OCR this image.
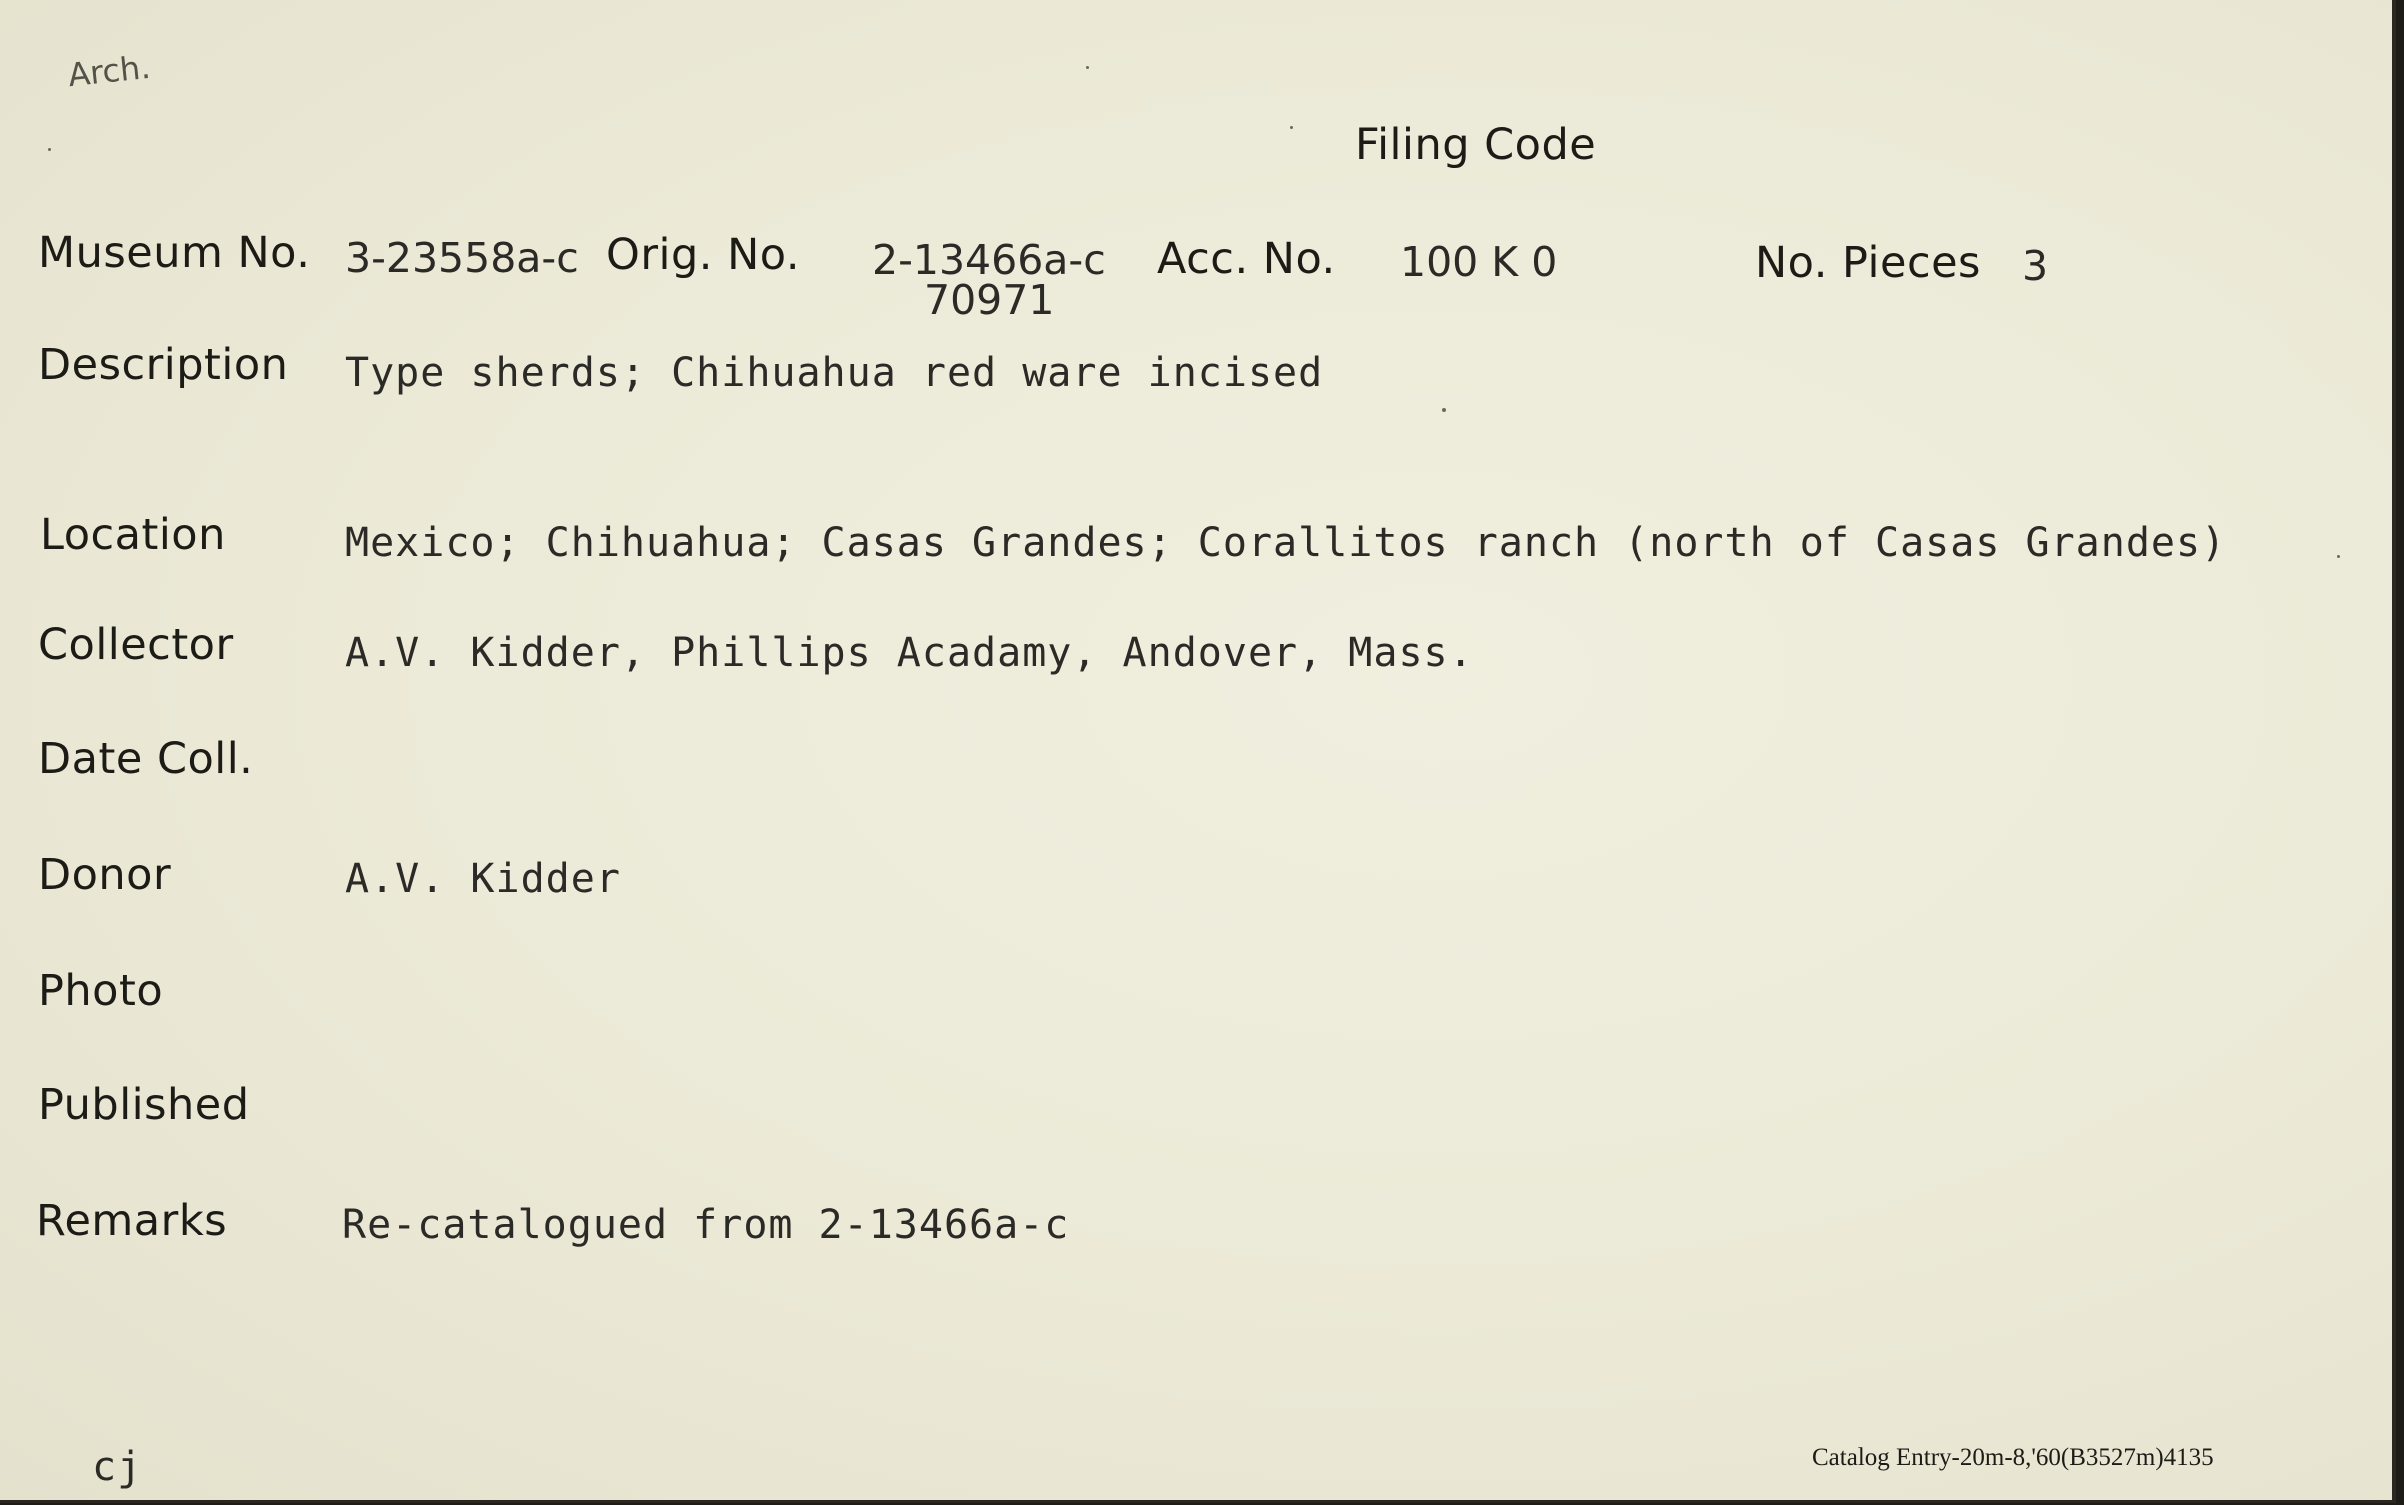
Arch.
Filing Code
Museum No. 3-23558a-c Orig. No. 2-13466a-c
70971
Acc. No. 100 K 0	No. Pieces 3
Description Type sherds; Chihuahua red ware incised
Location	Mexico; Chihuahua; Casas Grandes; Corallitos ranch (north of Casas Grandes)
Collector	A.V. Kidder, Phillips Acadamy, Andover, Mass.
Date Coll.
Donor	A.V. Kidder
Photo
Published
Remarks	Re-catalogued from 2-13466a-c
cj	Catalog Entry-20m-8,'60(B3527m)4135
